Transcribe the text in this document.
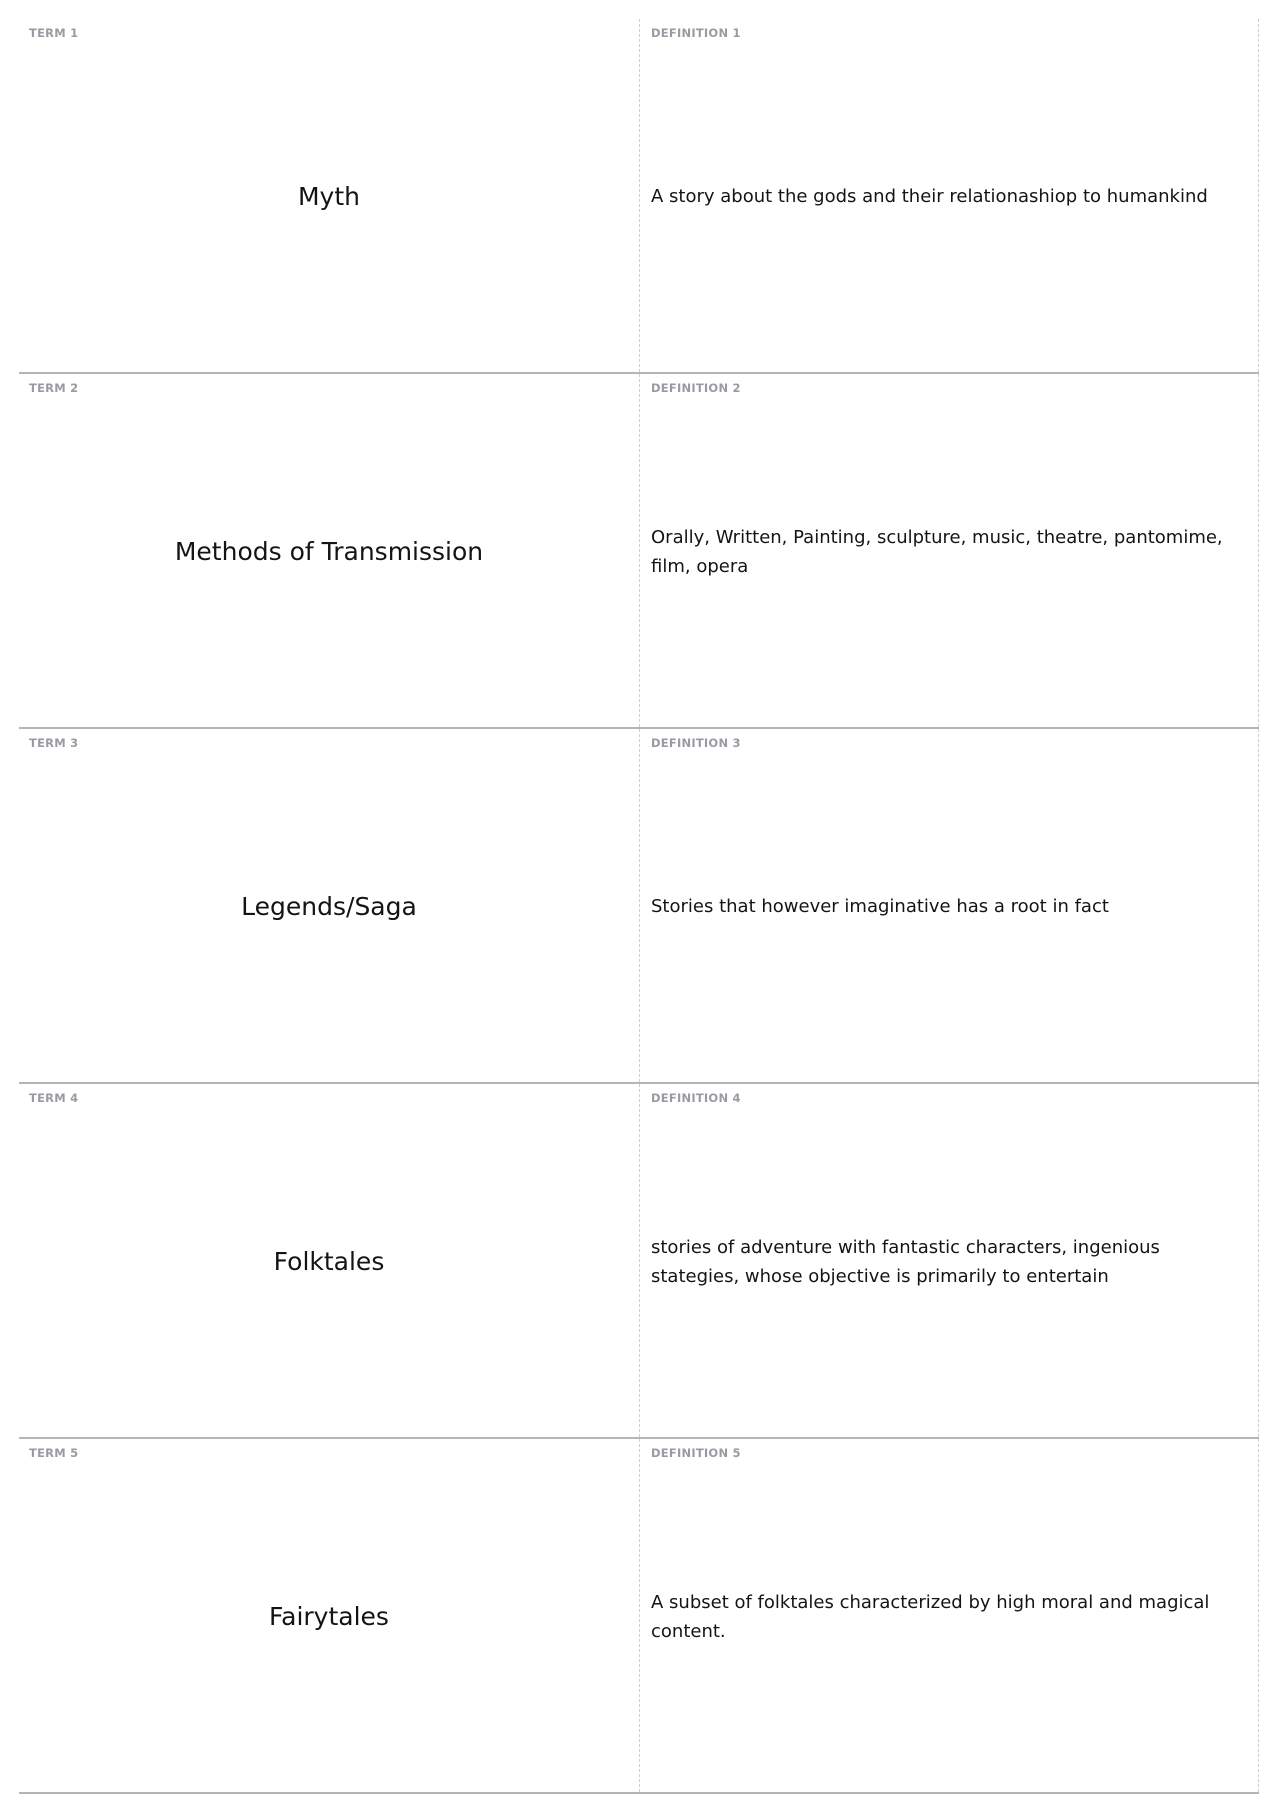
TERM 1
Myth
DEFINITION 1
A story about the gods and their relationashiop to humankind
TERM 2
Methods of Transmission
DEFINITION 2
Orally, Written, Painting, sculpture, music, theatre, pantomime, film, opera
TERM 3
Legends/Saga
DEFINITION 3
Stories that however imaginative has a root in fact
TERM 4
Folktales
DEFINITION 4
stories of adventure with fantastic characters, ingenious stategies, whose objective is primarily to entertain
TERM 5
Fairytales
DEFINITION 5
A subset of folktales characterized by high moral and magical content.
